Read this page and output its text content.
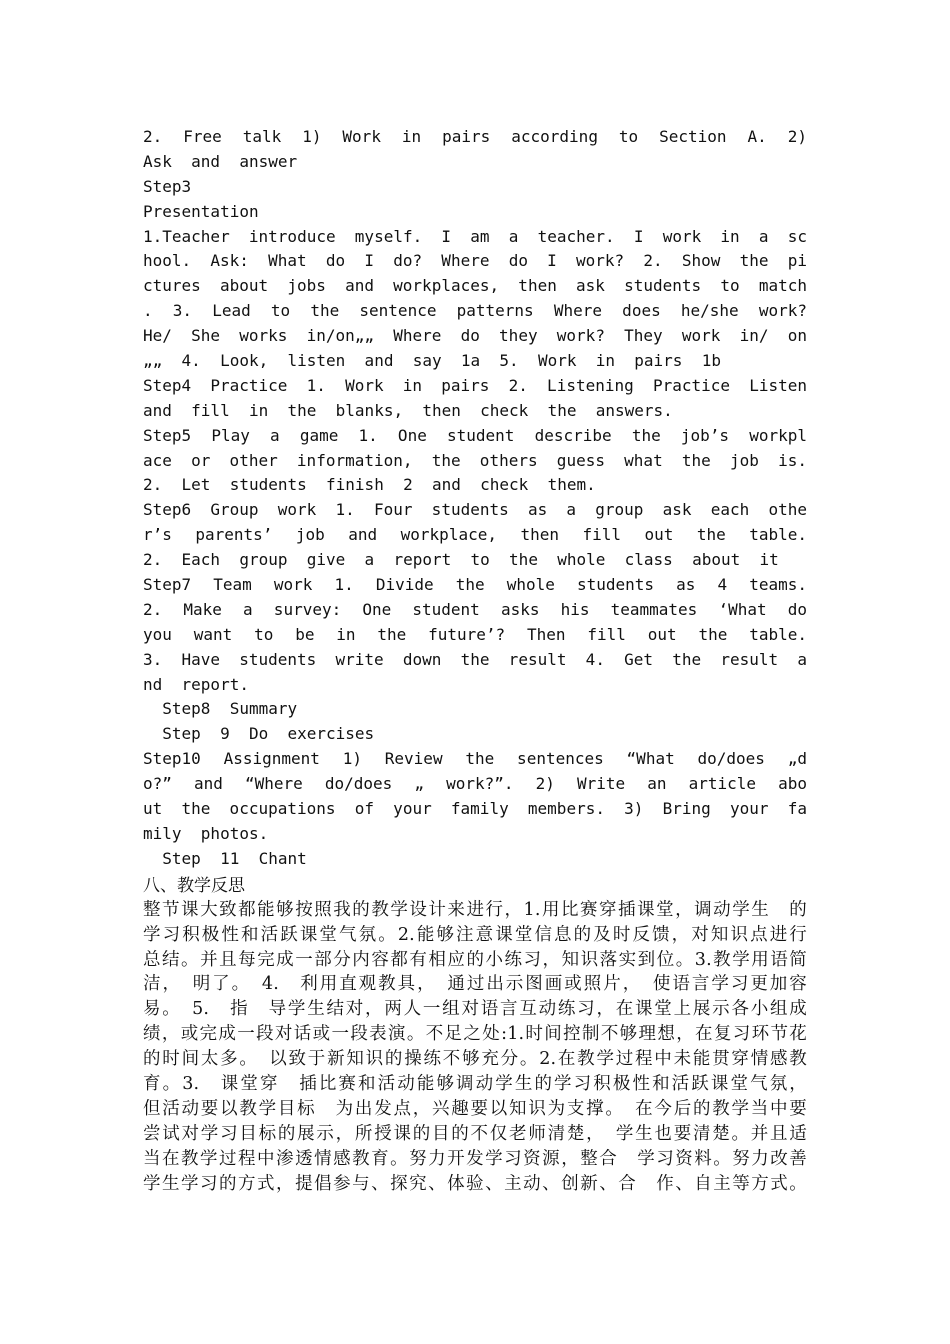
2. Free talk 1) Work in pairs according to Section A. 2)
Ask  and  answer
Step3
Presentation
1.Teacher introduce myself. I am a teacher. I work in a sc
hool. Ask: What do I do? Where do I work? 2. Show the pi
ctures about jobs and workplaces, then ask students to match
. 3. Lead to the sentence patterns Where does he/she work?
He/ She works in/on„„ Where do they work? They work in/ on
„„  4.  Look,  listen  and  say  1a  5.  Work  in  pairs  1b
Step4 Practice 1. Work in pairs 2. Listening Practice Listen
and  fill  in  the  blanks,  then  check  the  answers.
Step5 Play a game 1. One student describe the job’s workpl
ace or other information, the others guess what the job is.
2.  Let  students  finish  2  and  check  them.
Step6 Group work 1. Four students as a group ask each othe
r’s parents’ job and workplace, then fill out the table.
2.  Each  group  give  a  report  to  the  whole  class  about  it
Step7 Team work 1. Divide the whole students as 4 teams.
2. Make a survey: One student asks his teammates ‘What do
you want to be in the future’? Then fill out the table.
3. Have students write down the result 4. Get the result a
nd  report.
Step8  Summary
Step  9  Do  exercises
Step10 Assignment 1) Review the sentences “What do/does „d
o?” and “Where do/does „ work?”. 2) Write an article abo
ut the occupations of your family members. 3) Bring your fa
mily  photos.
Step  11  Chant
八、教学反思
整节课大致都能够按照我的教学设计来进行，1.用比赛穿插课堂，调动学生　的
学习积极性和活跃课堂气氛。2.能够注意课堂信息的及时反馈，对知识点进行
总结。并且每完成一部分内容都有相应的小练习，知识落实到位。3.教学用语简
洁，　明了。　4.　利用直观教具，　通过出示图画或照片，　使语言学习更加容
易。　5.　指　导学生结对，两人一组对语言互动练习，在课堂上展示各小组成
绩，或完成一段对话或一段表演。不足之处:1.时间控制不够理想，在复习环节花
的时间太多。　以致于新知识的操练不够充分。2.在教学过程中未能贯穿情感教
育。3.　课堂穿　插比赛和活动能够调动学生的学习积极性和活跃课堂气氛，
但活动要以教学目标　为出发点，兴趣要以知识为支撑。　在今后的教学当中要
尝试对学习目标的展示，所授课的目的不仅老师清楚，　学生也要清楚。并且适
当在教学过程中渗透情感教育。努力开发学习资源，整合　学习资料。努力改善
学生学习的方式，提倡参与、探究、体验、主动、创新、合　作、自主等方式。
